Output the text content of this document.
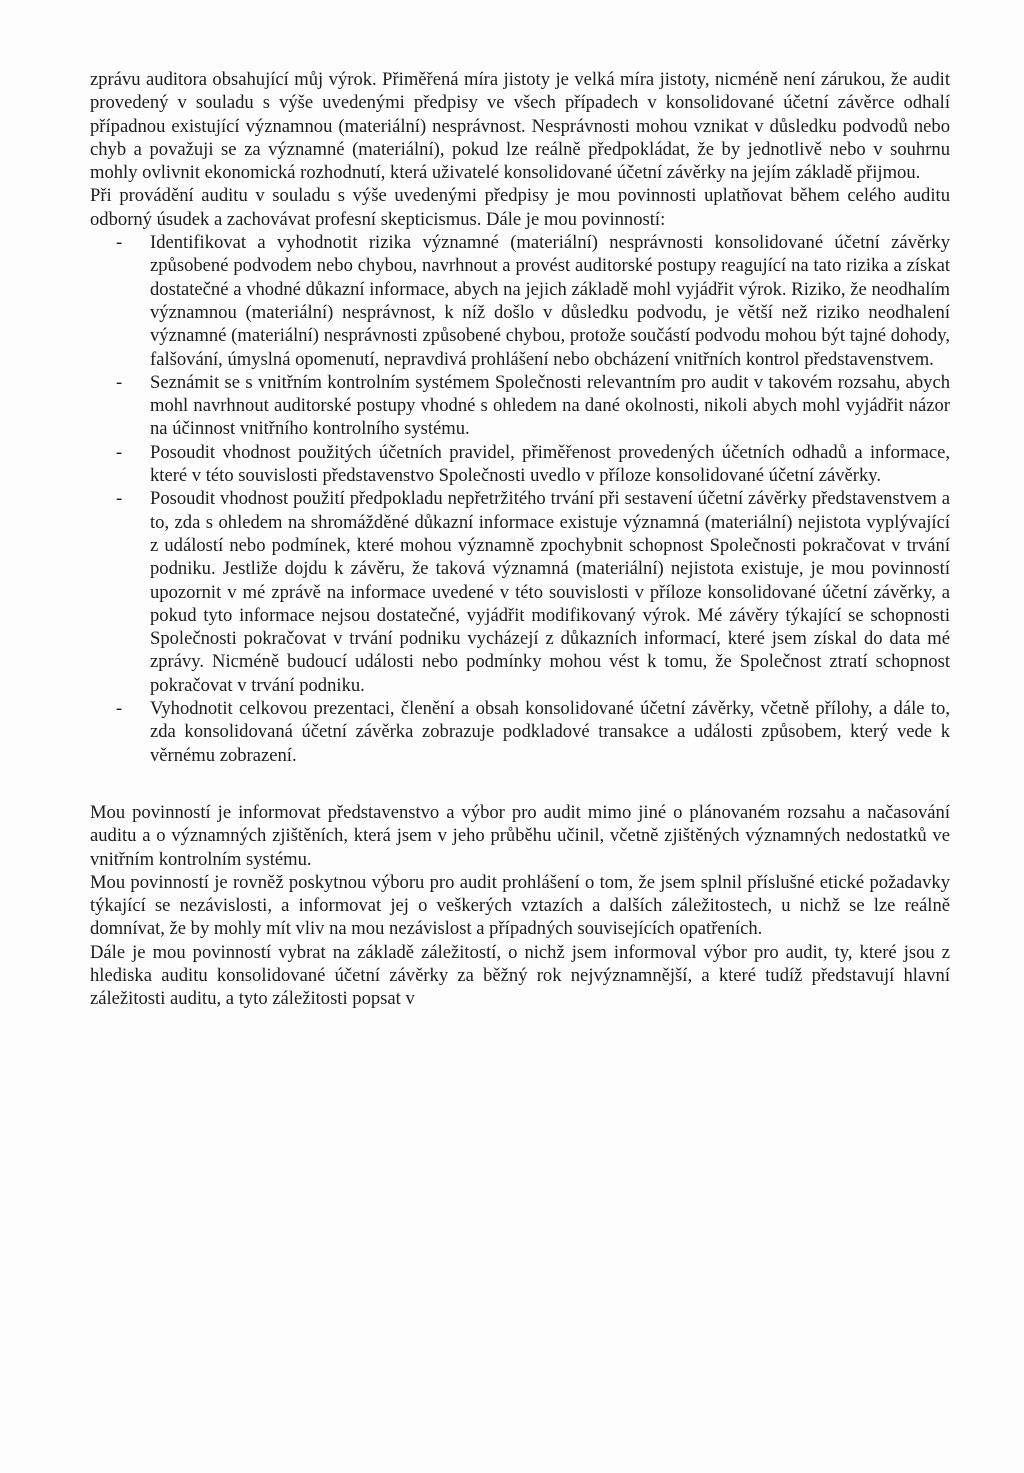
zprávu auditora obsahující můj výrok. Přiměřená míra jistoty je velká míra jistoty, nicméně není zárukou, že audit provedený v souladu s výše uvedenými předpisy ve všech případech v konsolidované účetní závěrce odhalí případnou existující významnou (materiální) nesprávnost. Nesprávnosti mohou vznikat v důsledku podvodů nebo chyb a považuji se za významné (materiální), pokud lze reálně předpokládat, že by jednotlivě nebo v souhrnu mohly ovlivnit ekonomická rozhodnutí, která uživatelé konsolidované účetní závěrky na jejím základě přijmou.

Při provádění auditu v souladu s výše uvedenými předpisy je mou povinnosti uplatňovat během celého auditu odborný úsudek a zachovávat profesní skepticismus. Dále je mou povinností:

- Identifikovat a vyhodnotit rizika významné (materiální) nesprávnosti konsolidované účetní závěrky způsobené podvodem nebo chybou, navrhnout a provést auditorské postupy reagující na tato rizika a získat dostatečné a vhodné důkazní informace, abych na jejich základě mohl vyjádřit výrok. Riziko, že neodhalím významnou (materiální) nesprávnost, k níž došlo v důsledku podvodu, je větší než riziko neodhalení významné (materiální) nesprávnosti způsobené chybou, protože součástí podvodu mohou být tajné dohody, falšování, úmyslná opomenutí, nepravdivá prohlášení nebo obcházení vnitřních kontrol představenstvem.
- Seznámit se s vnitřním kontrolním systémem Společnosti relevantním pro audit v takovém rozsahu, abych mohl navrhnout auditorské postupy vhodné s ohledem na dané okolnosti, nikoli abych mohl vyjádřit názor na účinnost vnitřního kontrolního systému.
- Posoudit vhodnost použitých účetních pravidel, přiměřenost provedených účetních odhadů a informace, které v této souvislosti představenstvo Společnosti uvedlo v příloze konsolidované účetní závěrky.
- Posoudit vhodnost použití předpokladu nepřetržitého trvání při sestavení účetní závěrky představenstvem a to, zda s ohledem na shromážděné důkazní informace existuje významná (materiální) nejistota vyplývající z událostí nebo podmínek, které mohou významně zpochybnit schopnost Společnosti pokračovat v trvání podniku. Jestliže dojdu k závěru, že taková významná (materiální) nejistota existuje, je mou povinností upozornit v mé zprávě na informace uvedené v této souvislosti v příloze konsolidované účetní závěrky, a pokud tyto informace nejsou dostatečné, vyjádřit modifikovaný výrok. Mé závěry týkající se schopnosti Společnosti pokračovat v trvání podniku vycházejí z důkazních informací, které jsem získal do data mé zprávy. Nicméně budoucí události nebo podmínky mohou vést k tomu, že Společnost ztratí schopnost pokračovat v trvání podniku.
- Vyhodnotit celkovou prezentaci, členění a obsah konsolidované účetní závěrky, včetně přílohy, a dále to, zda konsolidovaná účetní závěrka zobrazuje podkladové transakce a události způsobem, který vede k věrnému zobrazení.

Mou povinností je informovat představenstvo a výbor pro audit mimo jiné o plánovaném rozsahu a načasování auditu a o významných zjištěních, která jsem v jeho průběhu učinil, včetně zjištěných významných nedostatků ve vnitřním kontrolním systému.

Mou povinností je rovněž poskytnou výboru pro audit prohlášení o tom, že jsem splnil příslušné etické požadavky týkající se nezávislosti, a informovat jej o veškerých vztazích a dalších záležitostech, u nichž se lze reálně domnívat, že by mohly mít vliv na mou nezávislost a případných souvisejících opatřeních.

Dále je mou povinností vybrat na základě záležitostí, o nichž jsem informoval výbor pro audit, ty, které jsou z hlediska auditu konsolidované účetní závěrky za běžný rok nejvýznamnější, a které tudíž představují hlavní záležitosti auditu, a tyto záležitosti popsat v
